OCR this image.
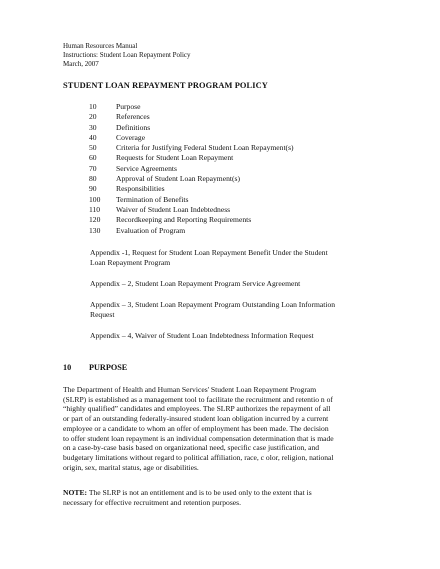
Human Resources Manual
Instructions: Student Loan Repayment Policy
March, 2007
STUDENT LOAN REPAYMENT PROGRAM POLICY
10	Purpose
20	References
30	Definitions
40	Coverage
50	Criteria for Justifying Federal Student Loan Repayment(s)
60	Requests for Student Loan Repayment
70	Service Agreements
80	Approval of Student Loan Repayment(s)
90	Responsibilities
100	Termination of Benefits
110	Waiver of Student Loan Indebtedness
120	Recordkeeping and Reporting Requirements
130	Evaluation of Program
Appendix -1, Request for Student Loan Repayment Benefit Under the Student
Loan Repayment Program
Appendix – 2, Student Loan Repayment Program Service Agreement
Appendix – 3, Student Loan Repayment Program Outstanding Loan Information
Request
Appendix – 4, Waiver of Student Loan Indebtedness Information Request
10	PURPOSE
The Department of Health and Human Services' Student Loan Repayment Program
(SLRP) is established as a management tool to facilitate the recruitment and retentio n of
“highly qualified” candidates and employees. The SLRP authorizes the repayment of all
or part of an outstanding federally-insured student loan obligation incurred by a current
employee or a candidate to whom an offer of employment has been made. The decision
to offer student loan repayment is an individual compensation determination that is made
on a case-by-case basis based on organizational need, specific case justification, and
budgetary limitations without regard to political affiliation, race, c olor, religion, national
origin, sex, marital status, age or disabilities.
NOTE: The SLRP is not an entitlement and is to be used only to the extent that is
necessary for effective recruitment and retention purposes.
